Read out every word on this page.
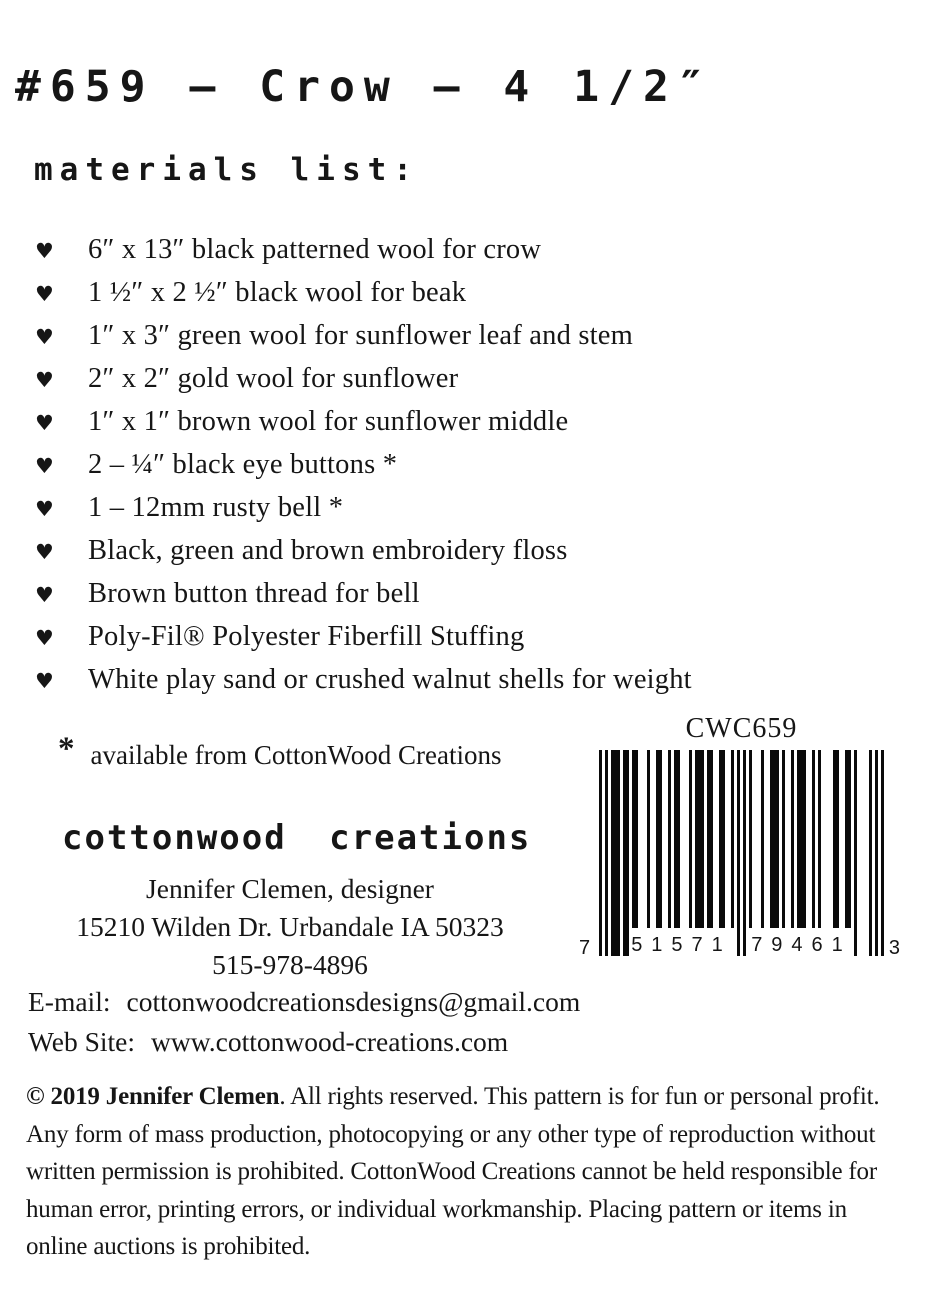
#659 — Crow — 4 1/2″
materials list:
♥	6″ x 13″ black patterned wool for crow
♥	1 ½″ x 2 ½″ black wool for beak
♥	1″ x 3″ green wool for sunflower leaf and stem
♥	2″ x 2″ gold wool for sunflower
♥	1″ x 1″ brown wool for sunflower middle
♥	2 – ¼″ black eye buttons *
♥	1 – 12mm rusty bell *
♥	Black, green and brown embroidery floss
♥	Brown button thread for bell
♥	Poly-Fil® Polyester Fiberfill Stuffing
♥	White play sand or crushed walnut shells for weight
* available from CottonWood Creations
cottonwood creations
Jennifer Clemen, designer
15210 Wilden Dr. Urbandale IA 50323
515-978-4896
E-mail: cottonwoodcreationsdesigns@gmail.com
Web Site: www.cottonwood-creations.com
CWC659
51571 79461
7	3

© 2019 Jennifer Clemen. All rights reserved. This pattern is for fun or personal profit. Any form of mass production, photocopying or any other type of reproduction without written permission is prohibited. CottonWood Creations cannot be held responsible for human error, printing errors, or individual workmanship. Placing pattern or items in online auctions is prohibited.
